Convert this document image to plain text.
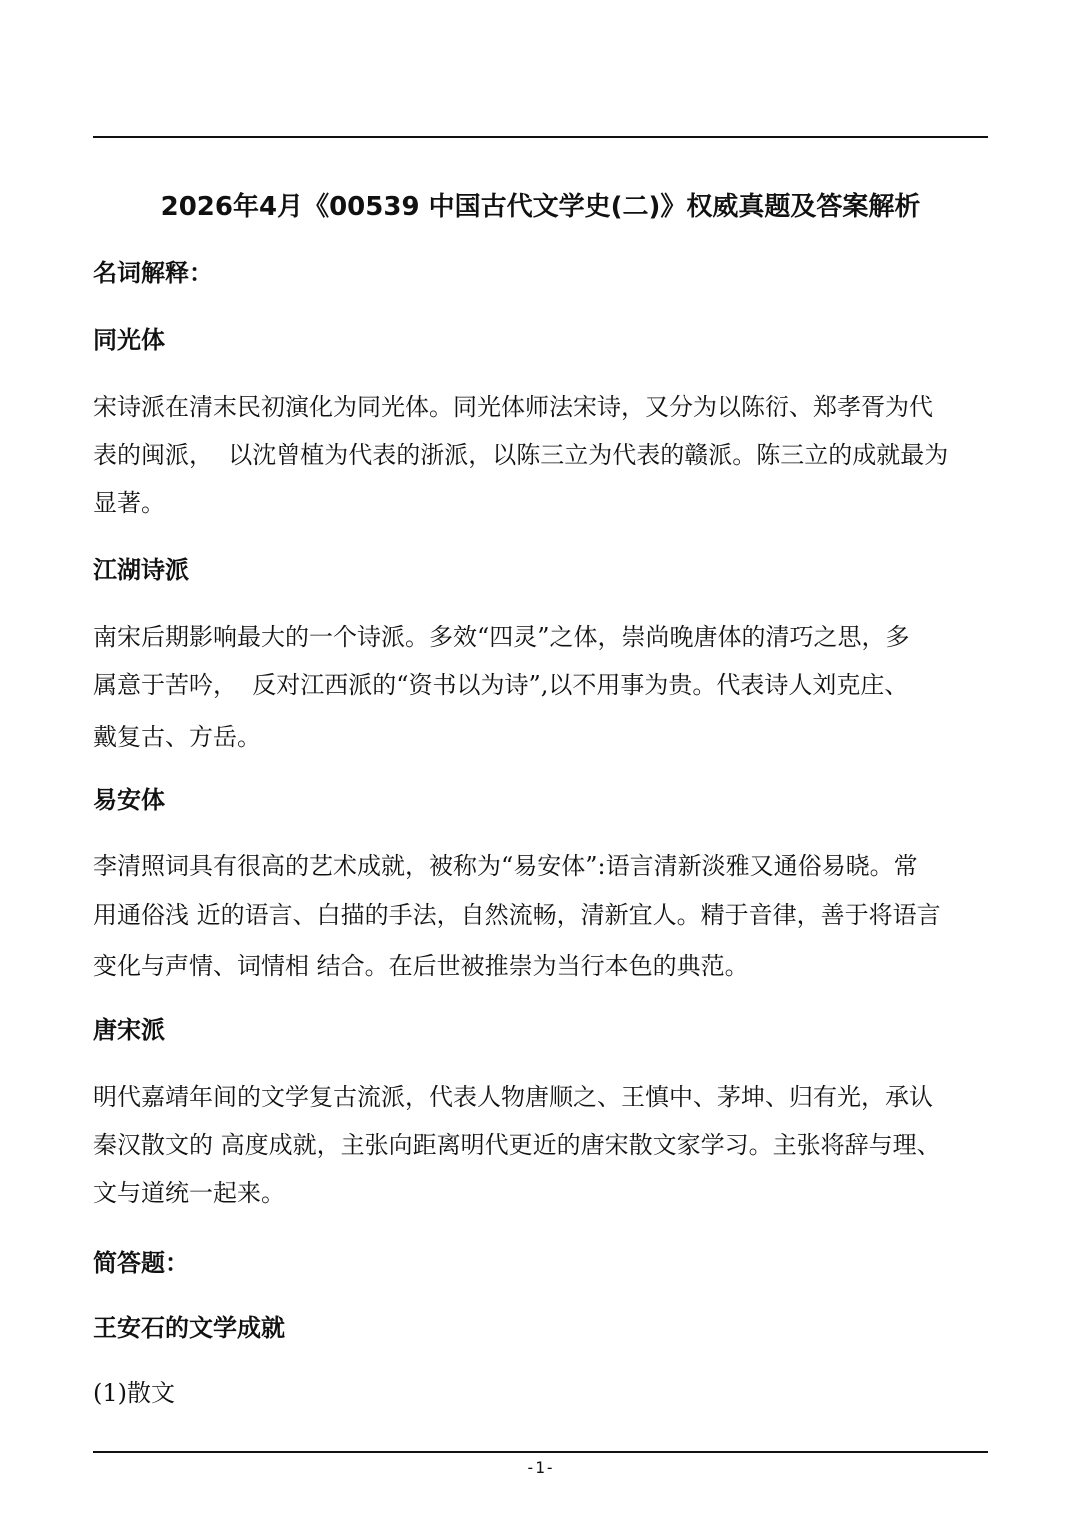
2026年4月《00539 中国古代文学史(二)》权威真题及答案解析
名词解释：
同光体
宋诗派在清末民初演化为同光体。同光体师法宋诗，又分为以陈衍、郑孝胥为代
表的闽派，  以沈曾植为代表的浙派，以陈三立为代表的赣派。陈三立的成就最为
显著。
江湖诗派
南宋后期影响最大的一个诗派。多效“四灵”之体，崇尚晚唐体的清巧之思，多
属意于苦吟，  反对江西派的“资书以为诗”,以不用事为贵。代表诗人刘克庄、
戴复古、方岳。
易安体
李清照词具有很高的艺术成就，被称为“易安体”:语言清新淡雅又通俗易晓。常
用通俗浅 近的语言、白描的手法，自然流畅，清新宜人。精于音律，善于将语言
变化与声情、词情相 结合。在后世被推崇为当行本色的典范。
唐宋派
明代嘉靖年间的文学复古流派，代表人物唐顺之、王慎中、茅坤、归有光，承认
秦汉散文的 高度成就，主张向距离明代更近的唐宋散文家学习。主张将辞与理、
文与道统一起来。
简答题：
王安石的文学成就
(1)散文
-1-
